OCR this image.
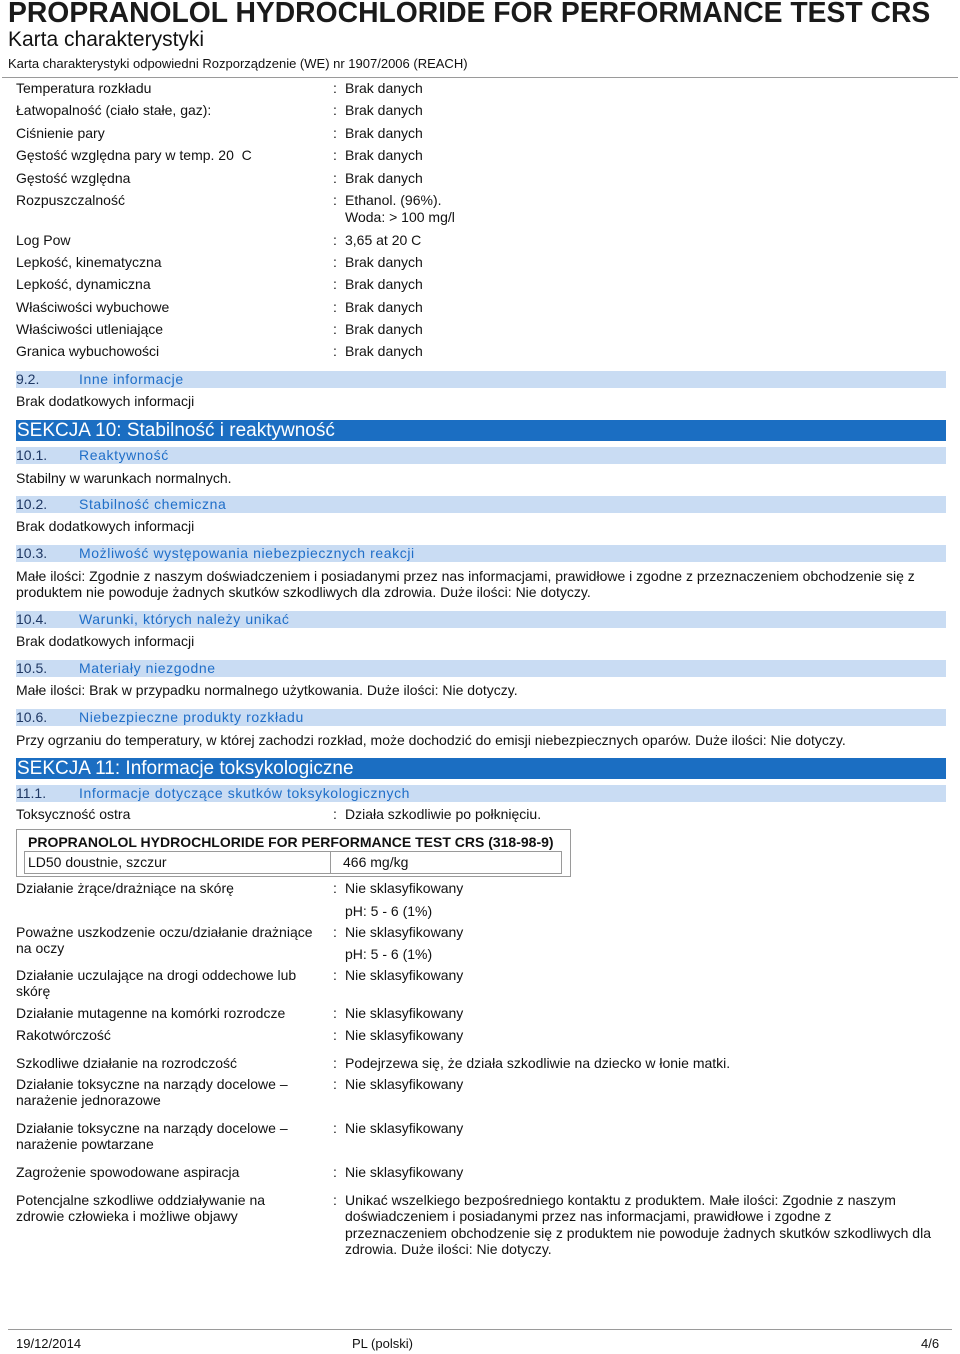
PROPRANOLOL HYDROCHLORIDE FOR PERFORMANCE TEST CRS
Karta charakterystyki
Karta charakterystyki odpowiedni Rozporządzenie (WE) nr 1907/2006 (REACH)
Temperatura rozkładu	: Brak danych
Łatwopalność (ciało stałe, gaz):	: Brak danych
Ciśnienie pary	: Brak danych
Gęstość względna pary w temp. 20  C	: Brak danych
Gęstość względna	: Brak danych
Rozpuszczalność	: Ethanol. (96%).
Woda: > 100 mg/l
Log Pow	: 3,65 at 20 C
Lepkość, kinematyczna	: Brak danych
Lepkość, dynamiczna	: Brak danych
Właściwości wybuchowe	: Brak danych
Właściwości utleniające	: Brak danych
Granica wybuchowości	: Brak danych
9.2.	Inne informacje
Brak dodatkowych informacji
SEKCJA 10: Stabilność i reaktywność
10.1. Reaktywność
Stabilny w warunkach normalnych.
10.2. Stabilność chemiczna
Brak dodatkowych informacji
10.3. Możliwość występowania niebezpiecznych reakcji
Małe ilości: Zgodnie z naszym doświadczeniem i posiadanymi przez nas informacjami, prawidłowe i zgodne z przeznaczeniem obchodzenie się z
produktem nie powoduje żadnych skutków szkodliwych dla zdrowia. Duże ilości: Nie dotyczy.
10.4. Warunki, których należy unikać
Brak dodatkowych informacji
10.5. Materiały niezgodne
Małe ilości: Brak w przypadku normalnego użytkowania. Duże ilości: Nie dotyczy.
10.6. Niebezpieczne produkty rozkładu
Przy ogrzaniu do temperatury, w której zachodzi rozkład, może dochodzić do emisji niebezpiecznych oparów. Duże ilości: Nie dotyczy.
SEKCJA 11: Informacje toksykologiczne
11.1. Informacje dotyczące skutków toksykologicznych
Toksyczność ostra	: Działa szkodliwie po połknięciu.
PROPRANOLOL HYDROCHLORIDE FOR PERFORMANCE TEST CRS (318-98-9)
LD50 doustnie, szczur	466 mg/kg
Działanie żrące/drażniące na skórę	: Nie sklasyfikowany
pH: 5 - 6 (1%)
Poważne uszkodzenie oczu/działanie drażniące
na oczy
: Nie sklasyfikowany
pH: 5 - 6 (1%)
Działanie uczulające na drogi oddechowe lub
skórę
: Nie sklasyfikowany
Działanie mutagenne na komórki rozrodcze	: Nie sklasyfikowany
Rakotwórczość	: Nie sklasyfikowany
Szkodliwe działanie na rozrodczość	: Podejrzewa się, że działa szkodliwie na dziecko w łonie matki.
Działanie toksyczne na narządy docelowe –
narażenie jednorazowe
: Nie sklasyfikowany
Działanie toksyczne na narządy docelowe –
narażenie powtarzane
: Nie sklasyfikowany
Zagrożenie spowodowane aspiracja	: Nie sklasyfikowany
Potencjalne szkodliwe oddziaływanie na
zdrowie człowieka i możliwe objawy
: Unikać wszelkiego bezpośredniego kontaktu z produktem. Małe ilości: Zgodnie z naszym
doświadczeniem i posiadanymi przez nas informacjami, prawidłowe i zgodne z
przeznaczeniem obchodzenie się z produktem nie powoduje żadnych skutków szkodliwych dla
zdrowia. Duże ilości: Nie dotyczy.
19/12/2014	PL (polski)	4/6
